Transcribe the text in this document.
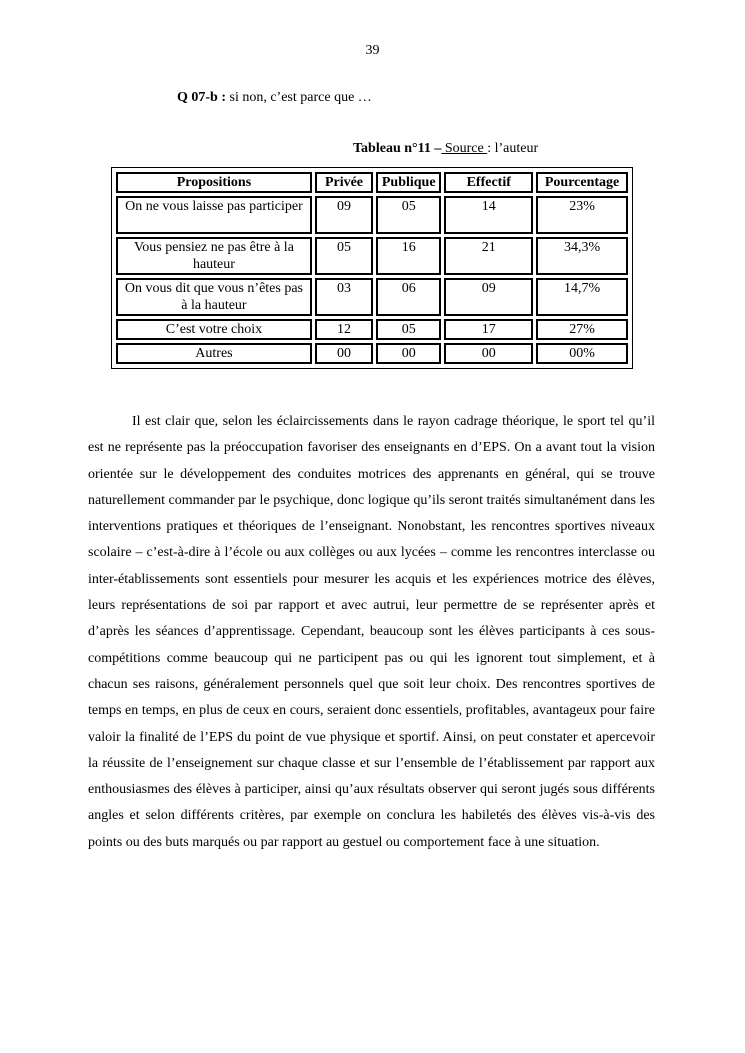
39
Q 07-b : si non, c’est parce que …
Tableau n°11 – Source : l’auteur
Propositions	Privée	Publique	Effectif	Pourcentage
On ne vous laisse pas participer	09	05	14	23%
Vous pensiez ne pas être à la hauteur	05	16	21	34,3%
On vous dit que vous n’êtes pas à la hauteur	03	06	09	14,7%
C’est votre choix	12	05	17	27%
Autres	00	00	00	00%

Il est clair que, selon les éclaircissements dans le rayon cadrage théorique, le sport tel qu’il est ne représente pas la préoccupation favoriser des enseignants en d’EPS. On a avant tout la vision orientée sur le développement des conduites motrices des apprenants en général, qui se trouve naturellement commander par le psychique, donc logique qu’ils seront traités simultanément dans les interventions pratiques et théoriques de l’enseignant. Nonobstant, les rencontres sportives niveaux scolaire – c’est-à-dire à l’école ou aux collèges ou aux lycées – comme les rencontres interclasse ou inter-établissements sont essentiels pour mesurer les acquis et les expériences motrice des élèves, leurs représentations de soi par rapport et avec autrui, leur permettre de se représenter après et d’après les séances d’apprentissage. Cependant, beaucoup sont les élèves participants à ces sous-compétitions comme beaucoup qui ne participent pas ou qui les ignorent tout simplement, et à chacun ses raisons, généralement personnels quel que soit leur choix. Des rencontres sportives de temps en temps, en plus de ceux en cours, seraient donc essentiels, profitables, avantageux pour faire valoir la finalité de l’EPS du point de vue physique et sportif. Ainsi, on peut constater et apercevoir la réussite de l’enseignement sur chaque classe et sur l’ensemble de l’établissement par rapport aux enthousiasmes des élèves à participer, ainsi qu’aux résultats observer qui seront jugés sous différents angles et selon différents critères, par exemple on conclura les habiletés des élèves vis-à-vis des points ou des buts marqués ou par rapport au gestuel ou comportement face à une situation.
